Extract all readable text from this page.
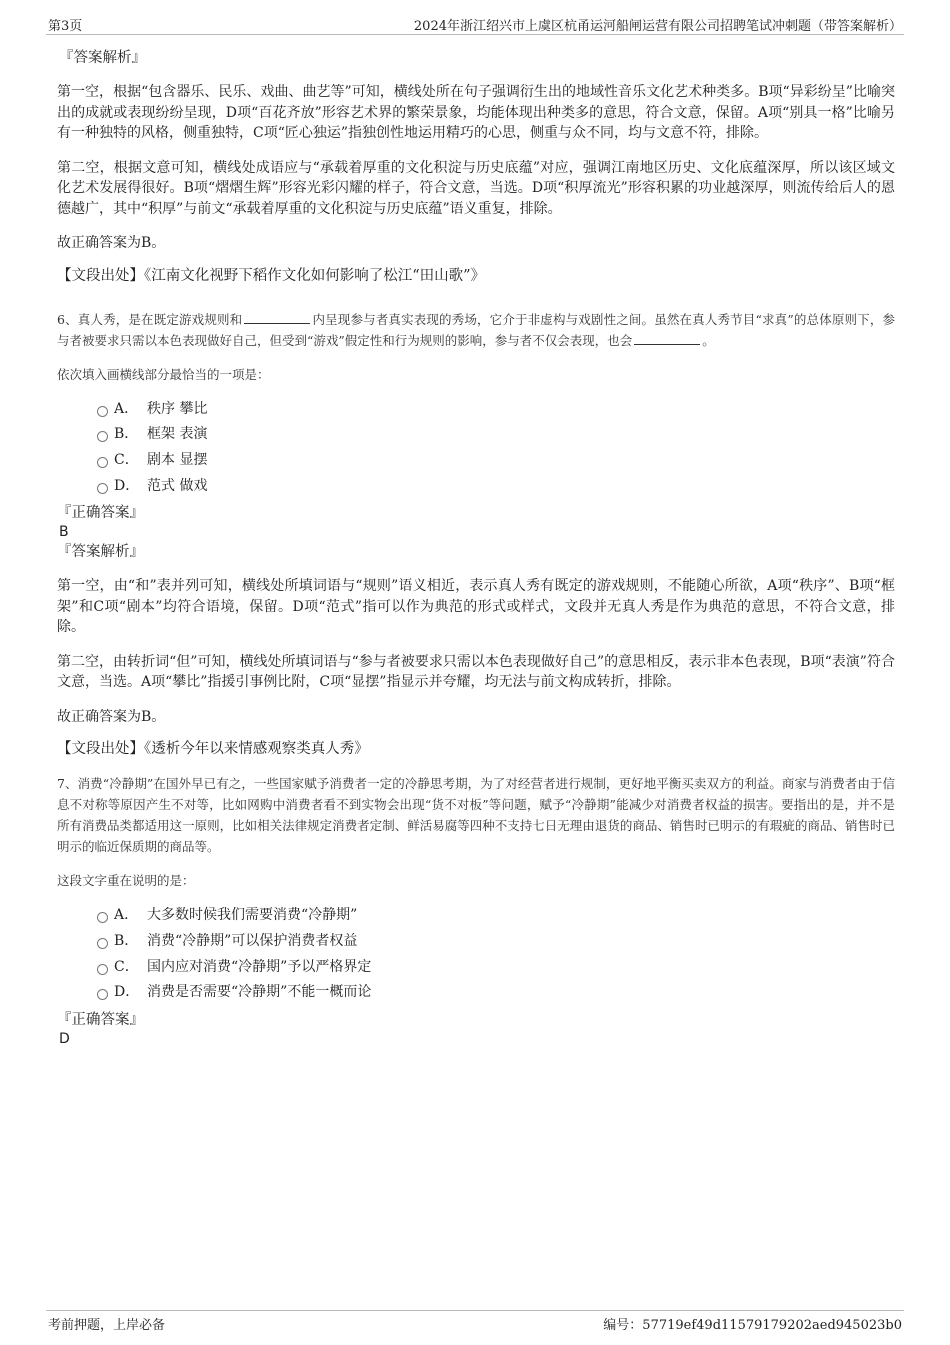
第3页	2024年浙江绍兴市上虞区杭甬运河船闸运营有限公司招聘笔试冲刺题（带答案解析）
『答案解析』

第一空，根据“包含器乐、民乐、戏曲、曲艺等”可知，横线处所在句子强调衍生出的地域性音乐文化艺术种类多。B项“异彩纷呈”比喻突出的成就或表现纷纷呈现，D项“百花齐放”形容艺术界的繁荣景象，均能体现出种类多的意思，符合文意，保留。A项“别具一格”比喻另有一种独特的风格，侧重独特，C项“匠心独运”指独创性地运用精巧的心思，侧重与众不同，均与文意不符，排除。

第二空，根据文意可知，横线处成语应与“承载着厚重的文化积淀与历史底蕴”对应，强调江南地区历史、文化底蕴深厚，所以该区域文化艺术发展得很好。B项“熠熠生辉”形容光彩闪耀的样子，符合文意，当选。D项“积厚流光”形容积累的功业越深厚，则流传给后人的恩德越广，其中“积厚”与前文“承载着厚重的文化积淀与历史底蕴”语义重复，排除。

故正确答案为B。
【文段出处】《江南文化视野下稻作文化如何影响了松江“田山歌”》

6、真人秀，是在既定游戏规则和	内呈现参与者真实表现的秀场，它介于非虚构与戏剧性之间。虽然在真人秀节目“求真”的总体原则下，参与者被要求只需以本色表现做好自己，但受到“游戏”假定性和行为规则的影响，参与者不仅会表现，也会	。

依次填入画横线部分最恰当的一项是：
A． 秩序 攀比
B． 框架 表演
C． 剧本 显摆
D． 范式 做戏
『正确答案』
B
『答案解析』

第一空，由“和”表并列可知，横线处所填词语与“规则”语义相近，表示真人秀有既定的游戏规则，不能随心所欲，A项“秩序”、B项“框架”和C项“剧本”均符合语境，保留。D项“范式”指可以作为典范的形式或样式，文段并无真人秀是作为典范的意思，不符合文意，排除。

第二空，由转折词“但”可知，横线处所填词语与“参与者被要求只需以本色表现做好自己”的意思相反，表示非本色表现，B项“表演”符合文意，当选。A项“攀比”指援引事例比附，C项“显摆”指显示并夸耀，均无法与前文构成转折，排除。

故正确答案为B。
【文段出处】《透析今年以来情感观察类真人秀》

7、消费“冷静期”在国外早已有之，一些国家赋予消费者一定的冷静思考期，为了对经营者进行规制，更好地平衡买卖双方的利益。商家与消费者由于信息不对称等原因产生不对等，比如网购中消费者看不到实物会出现“货不对板”等问题，赋予“冷静期”能减少对消费者权益的损害。要指出的是，并不是所有消费品类都适用这一原则，比如相关法律规定消费者定制、鲜活易腐等四种不支持七日无理由退货的商品、销售时已明示的有瑕疵的商品、销售时已明示的临近保质期的商品等。

这段文字重在说明的是：
A． 大多数时候我们需要消费“冷静期”
B． 消费“冷静期”可以保护消费者权益
C． 国内应对消费“冷静期”予以严格界定
D． 消费是否需要“冷静期”不能一概而论
『正确答案』
D
考前押题，上岸必备	编号：57719ef49d11579179202aed945023b0
